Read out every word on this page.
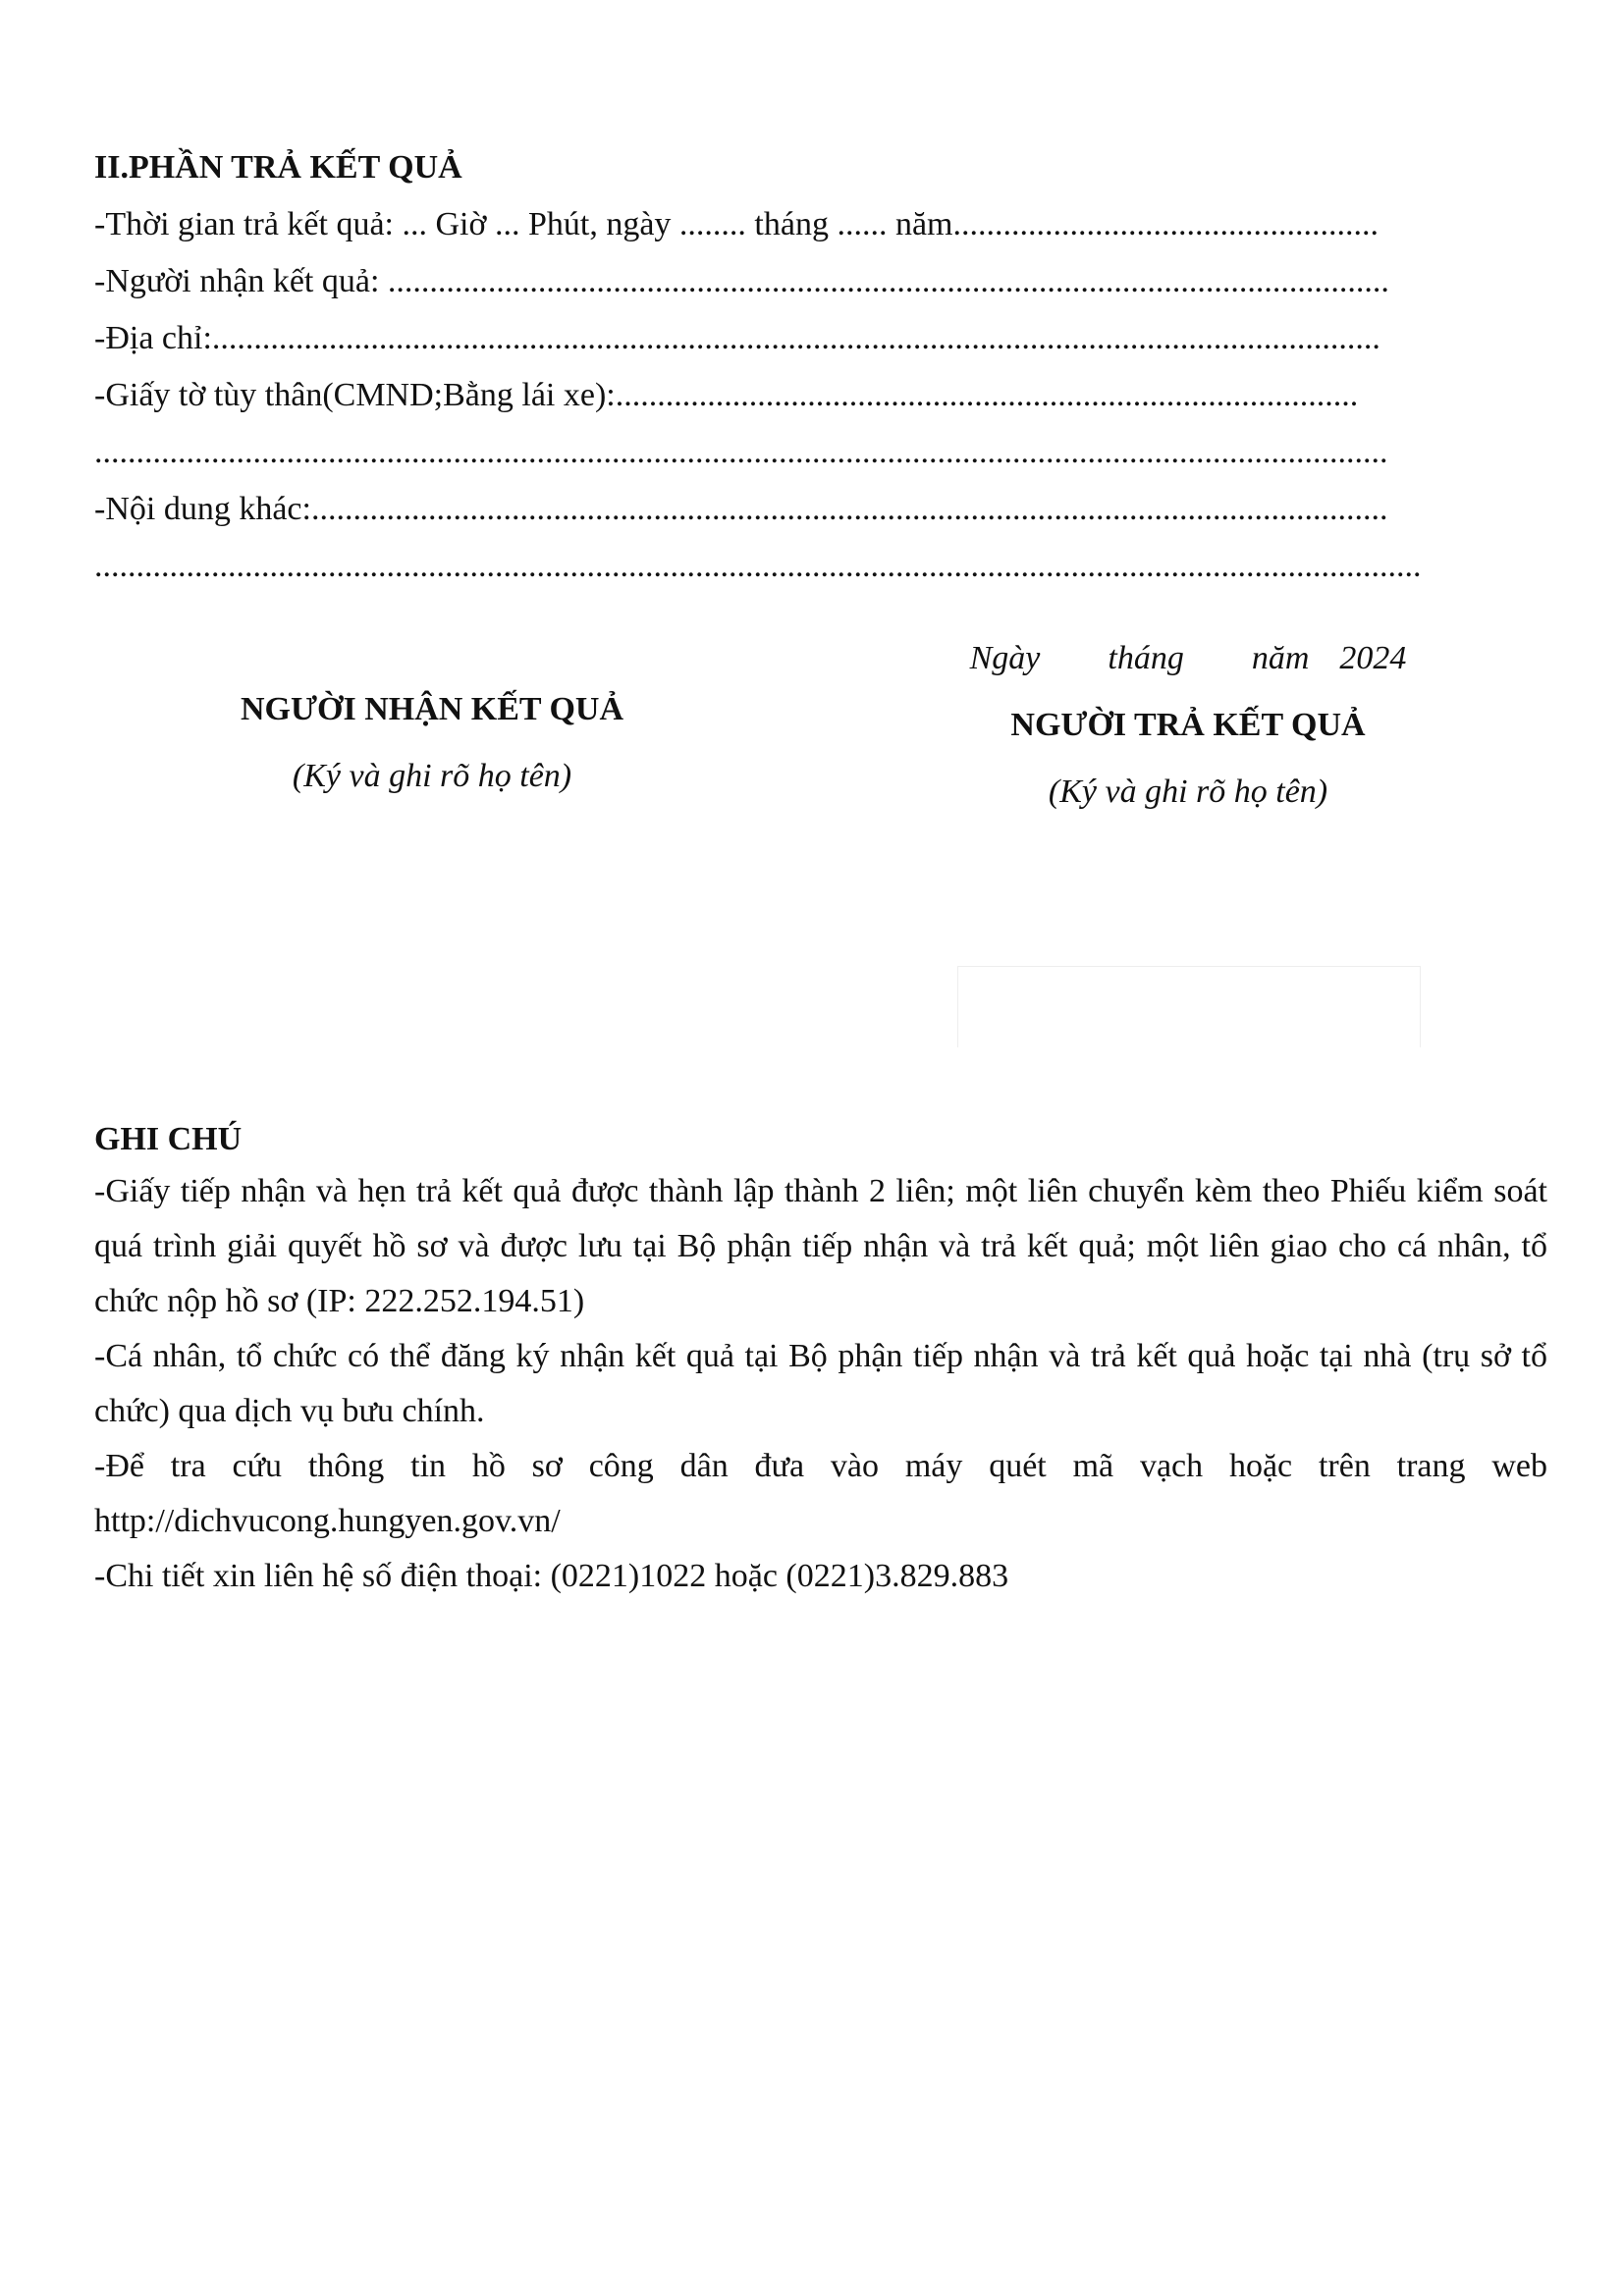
II.PHẦN TRẢ KẾT QUẢ
-Thời gian trả kết quả: ... Giờ ... Phút, ngày ........ tháng ...... năm...................................................
-Người nhận kết quả: ........................................................................................................................
-Địa chỉ:............................................................................................................................................
-Giấy tờ tùy thân(CMND;Bằng lái xe):.........................................................................................
...........................................................................................................................................................
-Nội dung khác:.................................................................................................................................
...............................................................................................................................................................
NGƯỜI NHẬN KẾT QUẢ
(Ký và ghi rõ họ tên)
Ngày tháng năm 2024
NGƯỜI TRẢ KẾT QUẢ
(Ký và ghi rõ họ tên)
GHI CHÚ

-Giấy tiếp nhận và hẹn trả kết quả được thành lập thành 2 liên; một liên chuyển kèm theo Phiếu kiểm soát quá trình giải quyết hồ sơ và được lưu tại Bộ phận tiếp nhận và trả kết quả; một liên giao cho cá nhân, tổ chức nộp hồ sơ (IP: 222.252.194.51)

-Cá nhân, tổ chức có thể đăng ký nhận kết quả tại Bộ phận tiếp nhận và trả kết quả hoặc tại nhà (trụ sở tổ chức) qua dịch vụ bưu chính.

-Để tra cứu thông tin hồ sơ công dân đưa vào máy quét mã vạch hoặc trên trang web http://dichvucong.hungyen.gov.vn/

-Chi tiết xin liên hệ số điện thoại: (0221)1022 hoặc (0221)3.829.883
